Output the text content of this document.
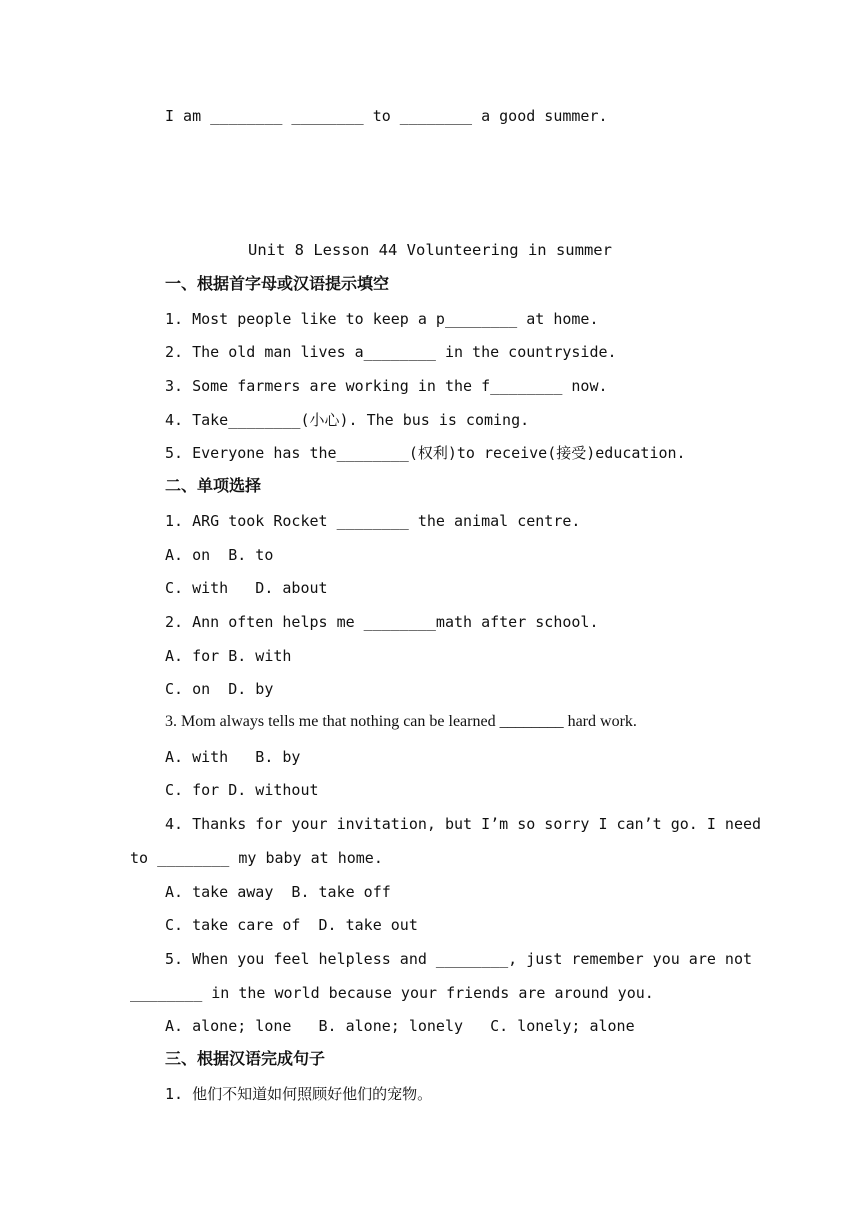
I am ________ ________ to ________ a good summer.
Unit 8 Lesson 44 Volunteering in summer
一、根据首字母或汉语提示填空
1. Most people like to keep a p________ at home.
2. The old man lives a________ in the countryside.
3. Some farmers are working in the f________ now.
4. Take________(小心). The bus is coming.
5. Everyone has the________(权利)to receive(接受)education.
二、单项选择
1. ARG took Rocket ________ the animal centre.
A. on  B. to
C. with   D. about
2. Ann often helps me ________math after school.
A. for B. with
C. on  D. by
3. Mom always tells me that nothing can be learned ________ hard work.
A. with   B. by
C. for D. without
4. Thanks for your invitation, but I’m so sorry I can’t go. I need
to ________ my baby at home.
A. take away  B. take off
C. take care of  D. take out
5. When you feel helpless and ________, just remember you are not
________ in the world because your friends are around you.
A. alone; lone   B. alone; lonely   C. lonely; alone
三、根据汉语完成句子
1. 他们不知道如何照顾好他们的宠物。
